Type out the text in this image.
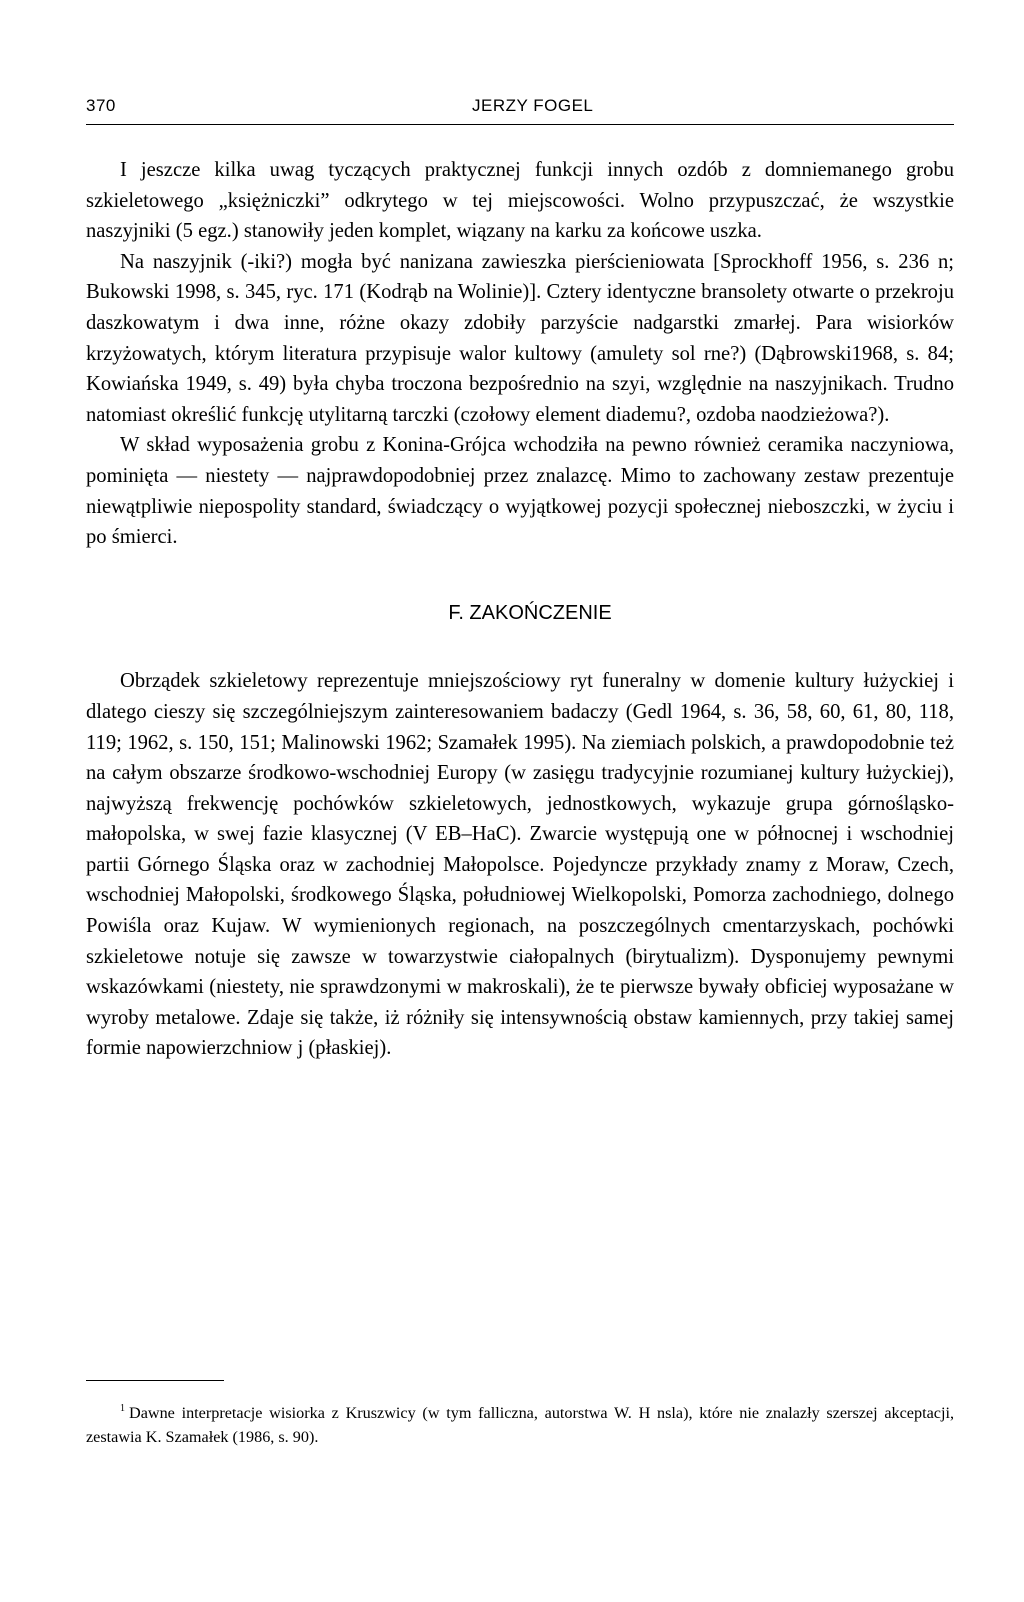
370	JERZY FOGEL

I jeszcze kilka uwag tyczących praktycznej funkcji innych ozdób z domniemanego grobu szkieletowego „księżniczki” odkrytego w tej miejscowości. Wolno przypuszczać, że wszystkie naszyjniki (5 egz.) stanowiły jeden komplet, wiązany na karku za końcowe uszka.

Na naszyjnik (-iki?) mogła być nanizana zawieszka pierścieniowata [Sprockhoff 1956, s. 236 n; Bukowski 1998, s. 345, ryc. 171 (Kodrąb na Wolinie)]. Cztery identyczne bransolety otwarte o przekroju daszkowatym i dwa inne, różne okazy zdobiły parzyście nadgarstki zmarłej. Para wisiorków krzyżowatych, którym literatura przypisuje walor kultowy (amulety sol rne?) (Dąbrowski1968, s. 84; Kowiańska 1949, s. 49) była chyba troczona bezpośrednio na szyi, względnie na naszyjnikach. Trudno natomiast określić funkcję utylitarną tarczki (czołowy element diademu?, ozdoba naodzieżowa?).

W skład wyposażenia grobu z Konina-Grójca wchodziła na pewno również ceramika naczyniowa, pominięta — niestety — najprawdopodobniej przez znalazcę. Mimo to zachowany zestaw prezentuje niewątpliwie niepospolity standard, świadczący o wyjątkowej pozycji społecznej nieboszczki, w życiu i po śmierci.

F. ZAKOŃCZENIE

Obrządek szkieletowy reprezentuje mniejszościowy ryt funeralny w domenie kultury łużyckiej i dlatego cieszy się szczególniejszym zainteresowaniem badaczy (Gedl 1964, s. 36, 58, 60, 61, 80, 118, 119; 1962, s. 150, 151; Malinowski 1962; Szamałek 1995). Na ziemiach polskich, a prawdopodobnie też na całym obszarze środkowo-wschodniej Europy (w zasięgu tradycyjnie rozumianej kultury łużyckiej), najwyższą frekwencję pochówków szkieletowych, jednostkowych, wykazuje grupa górnośląsko-małopolska, w swej fazie klasycznej (V EB–HaC). Zwarcie występują one w północnej i wschodniej partii Górnego Śląska oraz w zachodniej Małopolsce. Pojedyncze przykłady znamy z Moraw, Czech, wschodniej Małopolski, środkowego Śląska, południowej Wielkopolski, Pomorza zachodniego, dolnego Powiśla oraz Kujaw. W wymienionych regionach, na poszczególnych cmentarzyskach, pochówki szkieletowe notuje się zawsze w towarzystwie ciałopalnych (birytualizm). Dysponujemy pewnymi wskazówkami (niestety, nie sprawdzonymi w makroskali), że te pierwsze bywały obficiej wyposażane w wyroby metalowe. Zdaje się także, iż różniły się intensywnością obstaw kamiennych, przy takiej samej formie napowierzchniow j (płaskiej).

$^1$ Dawne interpretacje wisiorka z Kruszwicy (w tym falliczna, autorstwa W. H nsla), które nie znalazły szerszej akceptacji, zestawia K. Szamałek (1986, s. 90).
